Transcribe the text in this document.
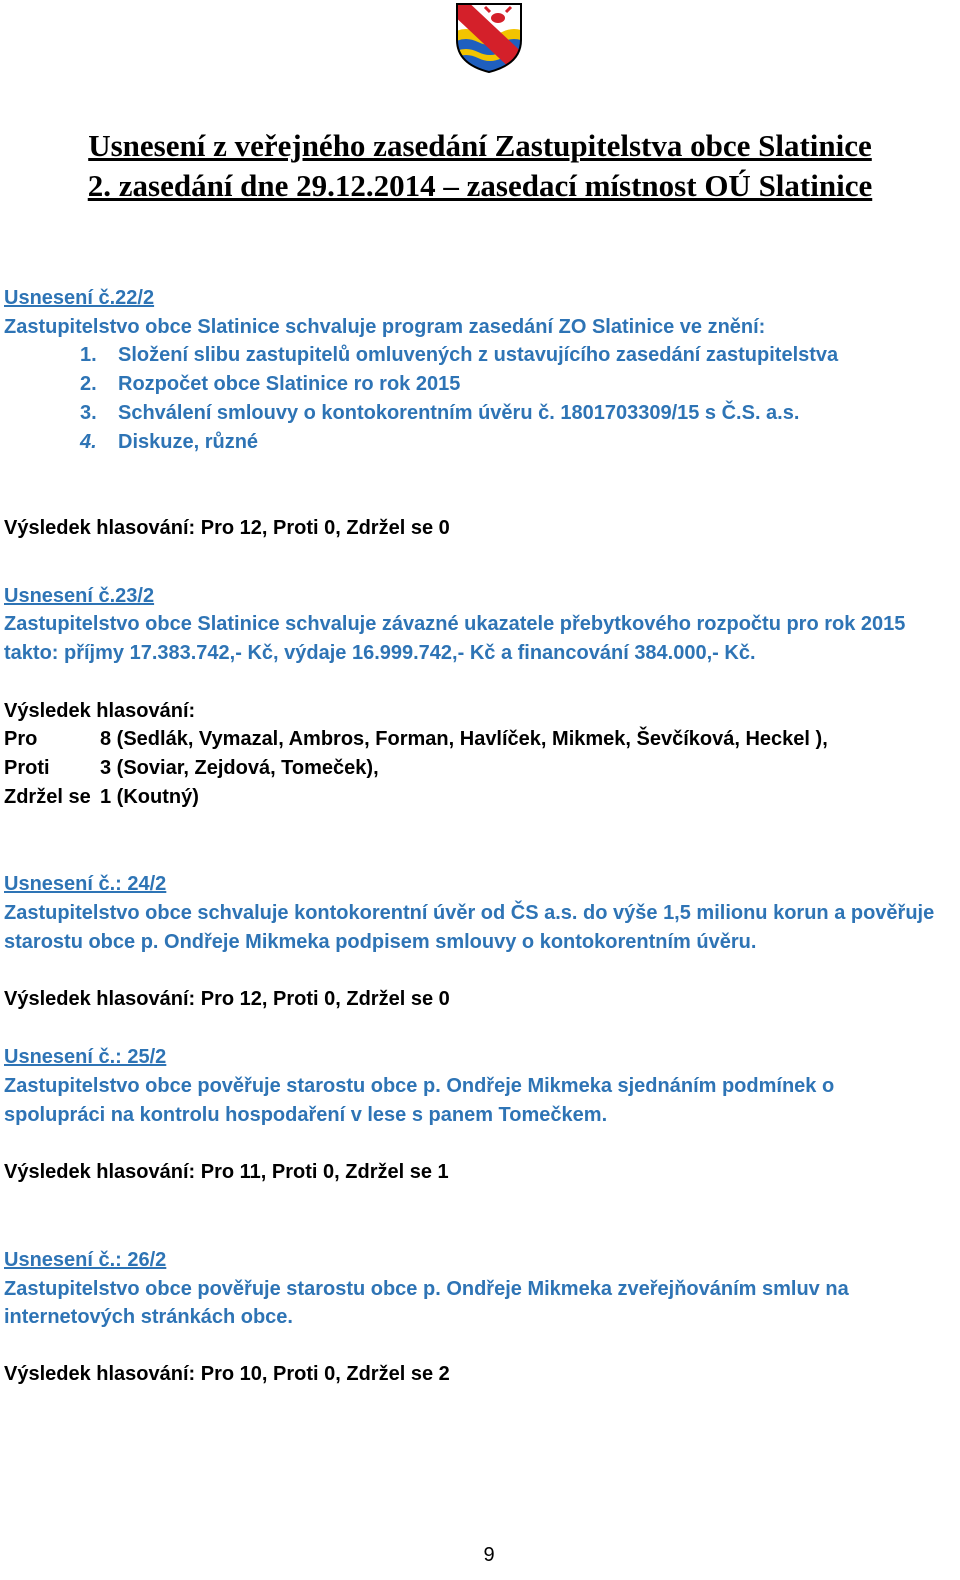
Usnesení z veřejného zasedání Zastupitelstva obce Slatinice
2. zasedání dne 29.12.2014 – zasedací místnost OÚ Slatinice
Usnesení č.22/2
Zastupitelstvo obce Slatinice schvaluje program zasedání ZO Slatinice ve znění:
1. Složení slibu zastupitelů omluvených z ustavujícího zasedání zastupitelstva
2. Rozpočet obce Slatinice ro rok 2015
3. Schválení smlouvy o kontokorentním úvěru č. 1801703309/15 s Č.S. a.s.
4. Diskuze, různé
Výsledek hlasování: Pro 12, Proti 0, Zdržel se 0
Usnesení č.23/2
Zastupitelstvo obce Slatinice schvaluje závazné ukazatele přebytkového rozpočtu pro rok 2015
takto: příjmy 17.383.742,- Kč, výdaje 16.999.742,- Kč a financování 384.000,- Kč.
Výsledek hlasování:
Pro	8 (Sedlák, Vymazal, Ambros, Forman, Havlíček, Mikmek, Ševčíková, Heckel ),
Proti	3 (Soviar, Zejdová, Tomeček),
Zdržel se 1 (Koutný)
Usnesení č.: 24/2
Zastupitelstvo obce schvaluje kontokorentní úvěr od ČS a.s. do výše 1,5 milionu korun a pověřuje
starostu obce p. Ondřeje Mikmeka podpisem smlouvy o kontokorentním úvěru.
Výsledek hlasování: Pro 12, Proti 0, Zdržel se 0
Usnesení č.: 25/2
Zastupitelstvo obce pověřuje starostu obce p. Ondřeje Mikmeka sjednáním podmínek o
spolupráci na kontrolu hospodaření v lese s panem Tomečkem.
Výsledek hlasování: Pro 11, Proti 0, Zdržel se 1
Usnesení č.: 26/2
Zastupitelstvo obce pověřuje starostu obce p. Ondřeje Mikmeka zveřejňováním smluv na
internetových stránkách obce.
Výsledek hlasování: Pro 10, Proti 0, Zdržel se 2
9
